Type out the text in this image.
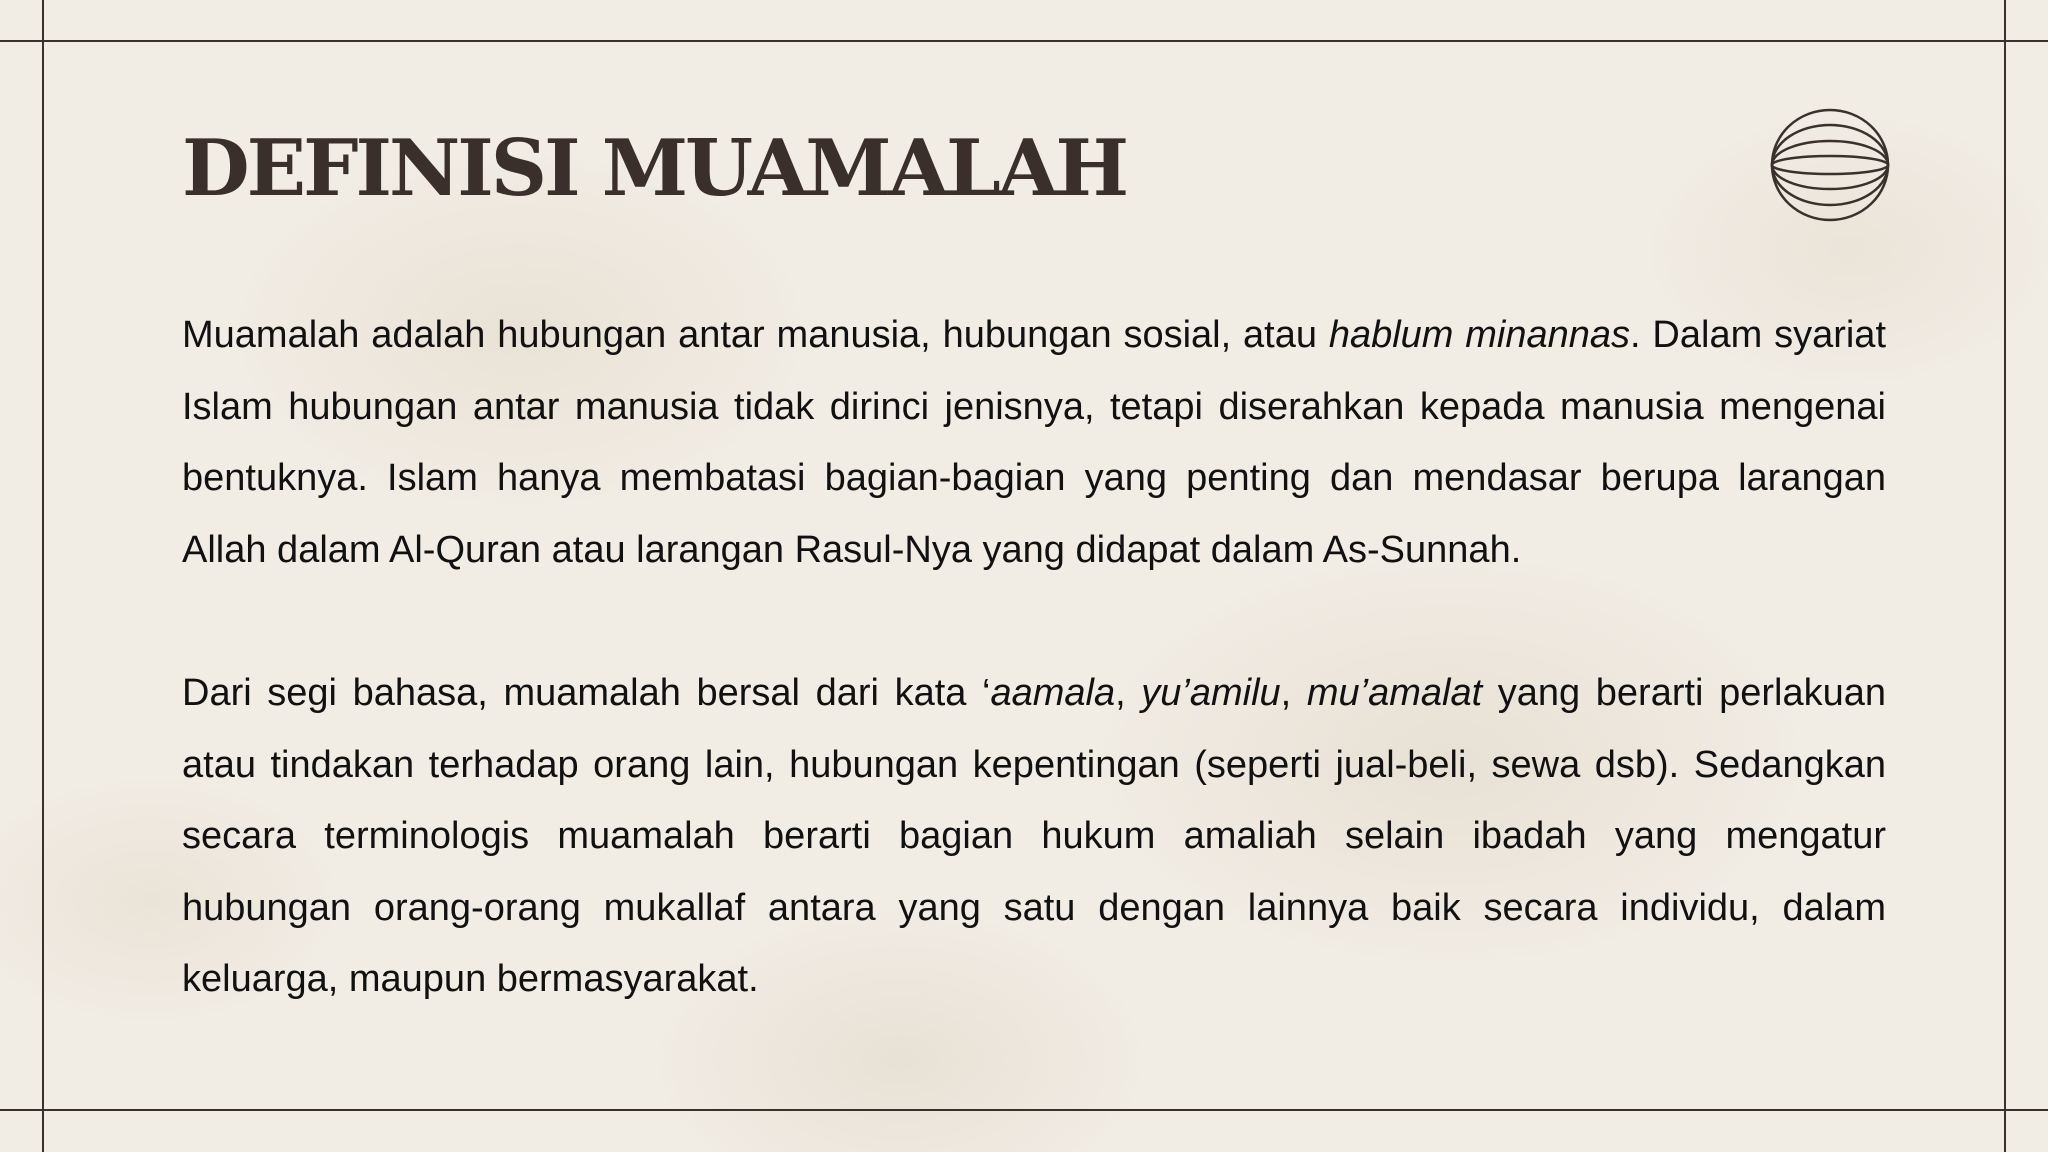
DEFINISI MUAMALAH

Muamalah adalah hubungan antar manusia, hubungan sosial, atau hablum minannas. Dalam syariat Islam hubungan antar manusia tidak dirinci jenisnya, tetapi diserahkan kepada manusia mengenai bentuknya. Islam hanya membatasi bagian-bagian yang penting dan mendasar berupa larangan Allah dalam Al-Quran atau larangan Rasul-Nya yang didapat dalam As-Sunnah.

Dari segi bahasa, muamalah bersal dari kata ‘aamala, yu’amilu, mu’amalat yang berarti perlakuan atau tindakan terhadap orang lain, hubungan kepentingan (seperti jual-beli, sewa dsb). Sedangkan secara terminologis muamalah berarti bagian hukum amaliah selain ibadah yang mengatur hubungan orang-orang mukallaf antara yang satu dengan lainnya baik secara individu, dalam keluarga, maupun bermasyarakat.
